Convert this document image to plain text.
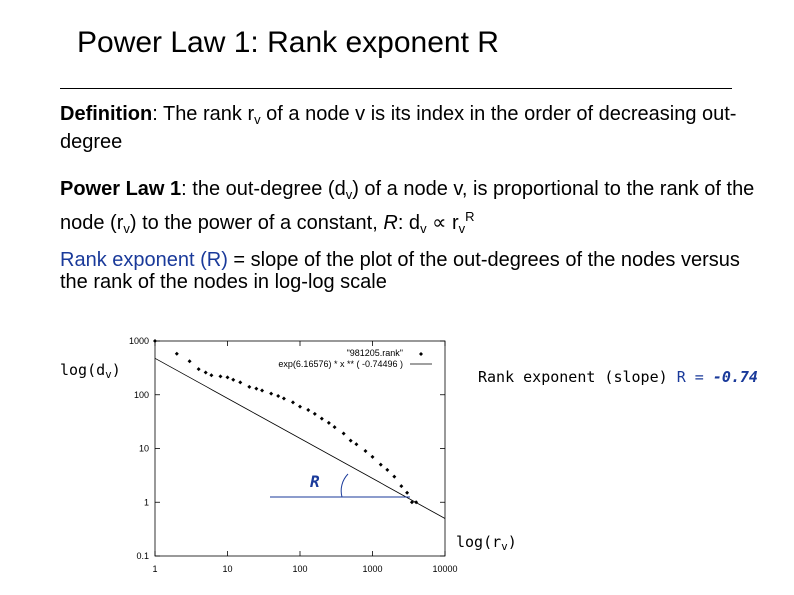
Power Law 1: Rank exponent R
Definition: The rank $r_v$ of a node v is its index in the order of decreasing out-degree
Power Law 1: the out-degree $(d_v)$ of a node v, is proportional to the rank of the node $(r_v)$ to the power of a constant, R: $d_v \propto r_v^R$
Rank exponent (R) = slope of the plot of the out-degrees of the nodes versus the rank of the nodes in log-log scale
1000
100
10
1
0.1
1	10	100	1000	10000
"981205.rank"
exp(6.16576) * x ** ( -0.74496 )
R
$\log(d_v)$
$\log(r_v)$
Rank exponent (slope) R = -0.74
